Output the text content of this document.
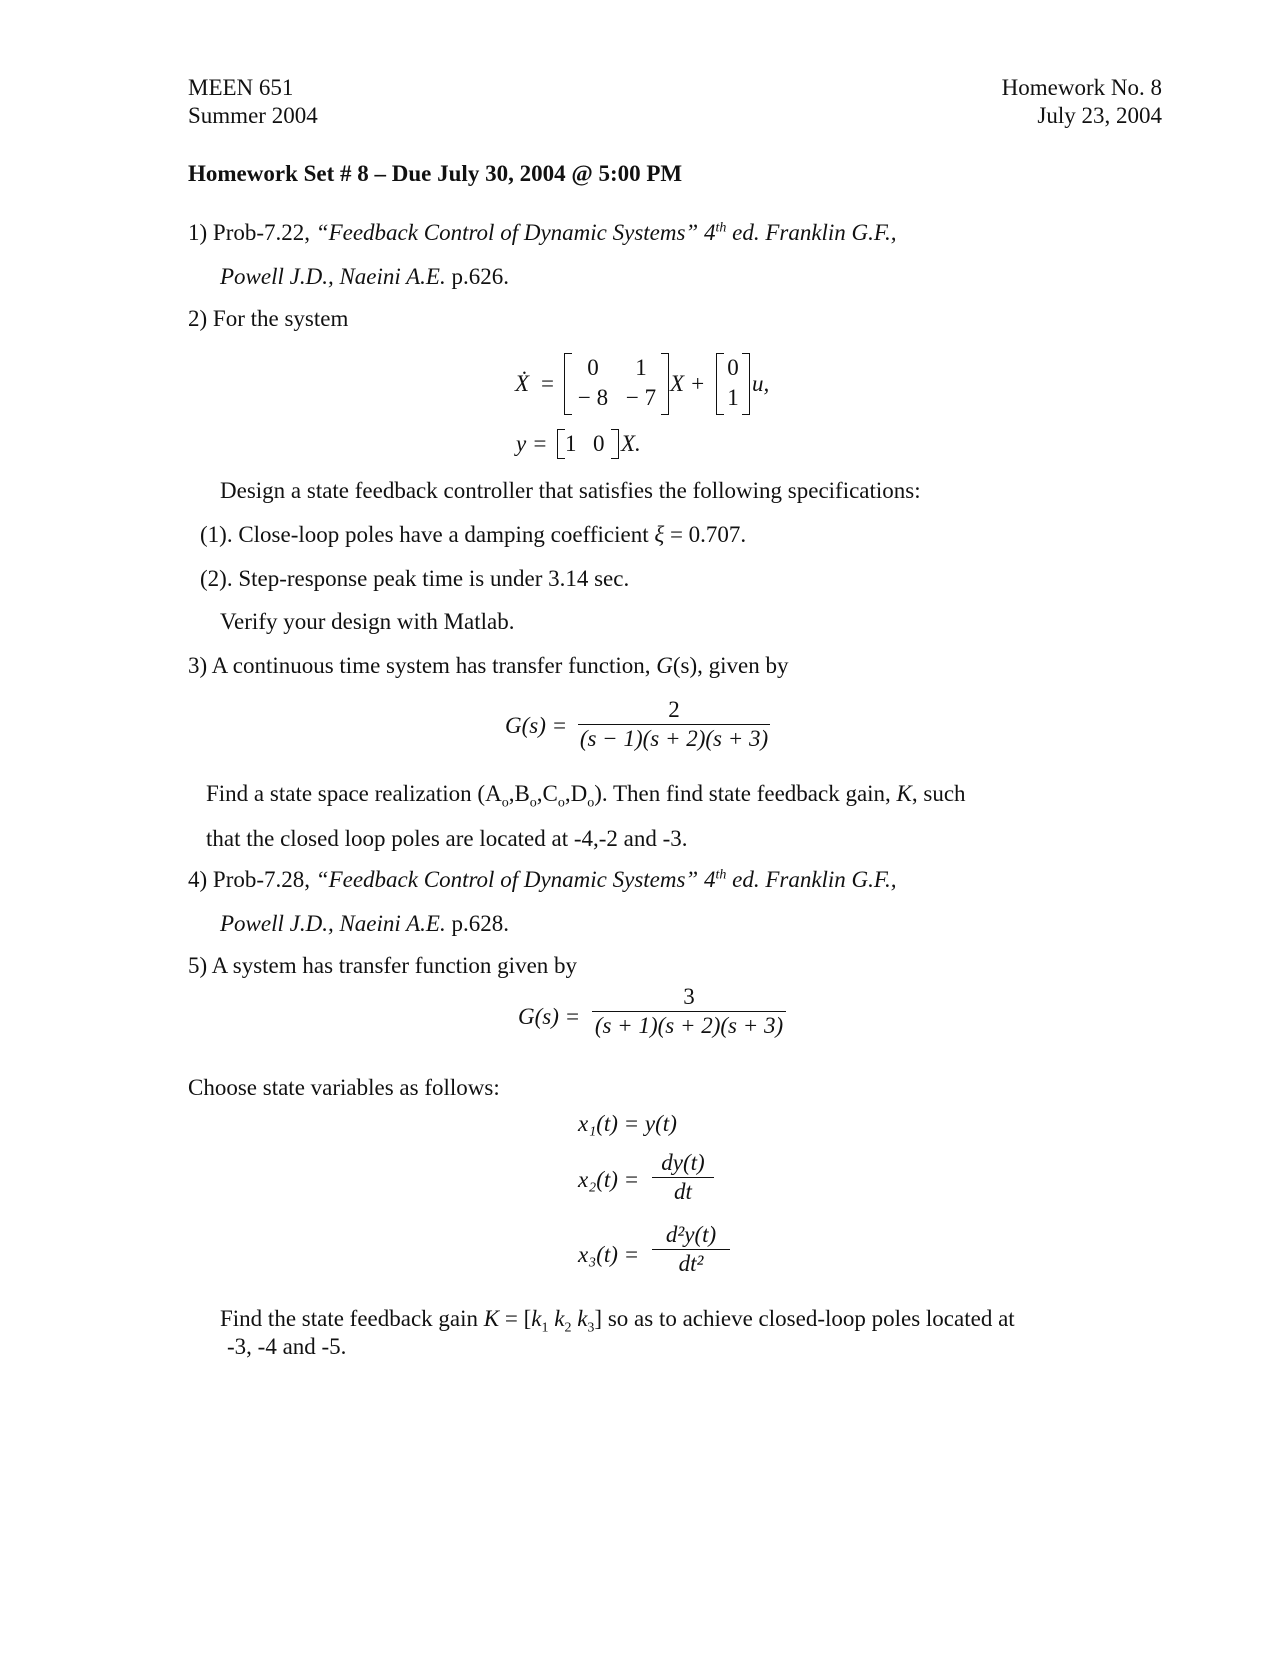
MEEN 651
Summer 2004
Homework No. 8
July 23, 2004
Homework Set # 8 – Due July 30, 2004 @ 5:00 PM
1) Prob-7.22, “Feedback Control of Dynamic Systems” 4th ed. Franklin G.F.,
Powell J.D., Naeini A.E. p.626.
2) For the system
Ẋ =
0	1
− 8 − 7
X +
0
1
u,
y = 1 0 X.
Design a state feedback controller that satisfies the following specifications:
(1). Close-loop poles have a damping coefficient ξ = 0.707.
(2). Step-response peak time is under 3.14 sec.
Verify your design with Matlab.
3) A continuous time system has transfer function, G(s), given by
G(s) =
2
(s − 1)(s + 2)(s + 3)
Find a state space realization $(A_o,B_o,C_o,D_o)$. Then find state feedback gain, K, such
that the closed loop poles are located at -4,-2 and -3.
4) Prob-7.28, “Feedback Control of Dynamic Systems” 4th ed. Franklin G.F.,
Powell J.D., Naeini A.E. p.628.
5) A system has transfer function given by
G(s) =
3
(s + 1)(s + 2)(s + 3)
Choose state variables as follows:
x₁(t) = y(t)
x₂(t) =
dy(t)
dt
x₃(t) =
d²y(t)
dt²
Find the state feedback gain $K = [k_1$ $k_2$ $k_3$] so as to achieve closed-loop poles located at
-3, -4 and -5.
